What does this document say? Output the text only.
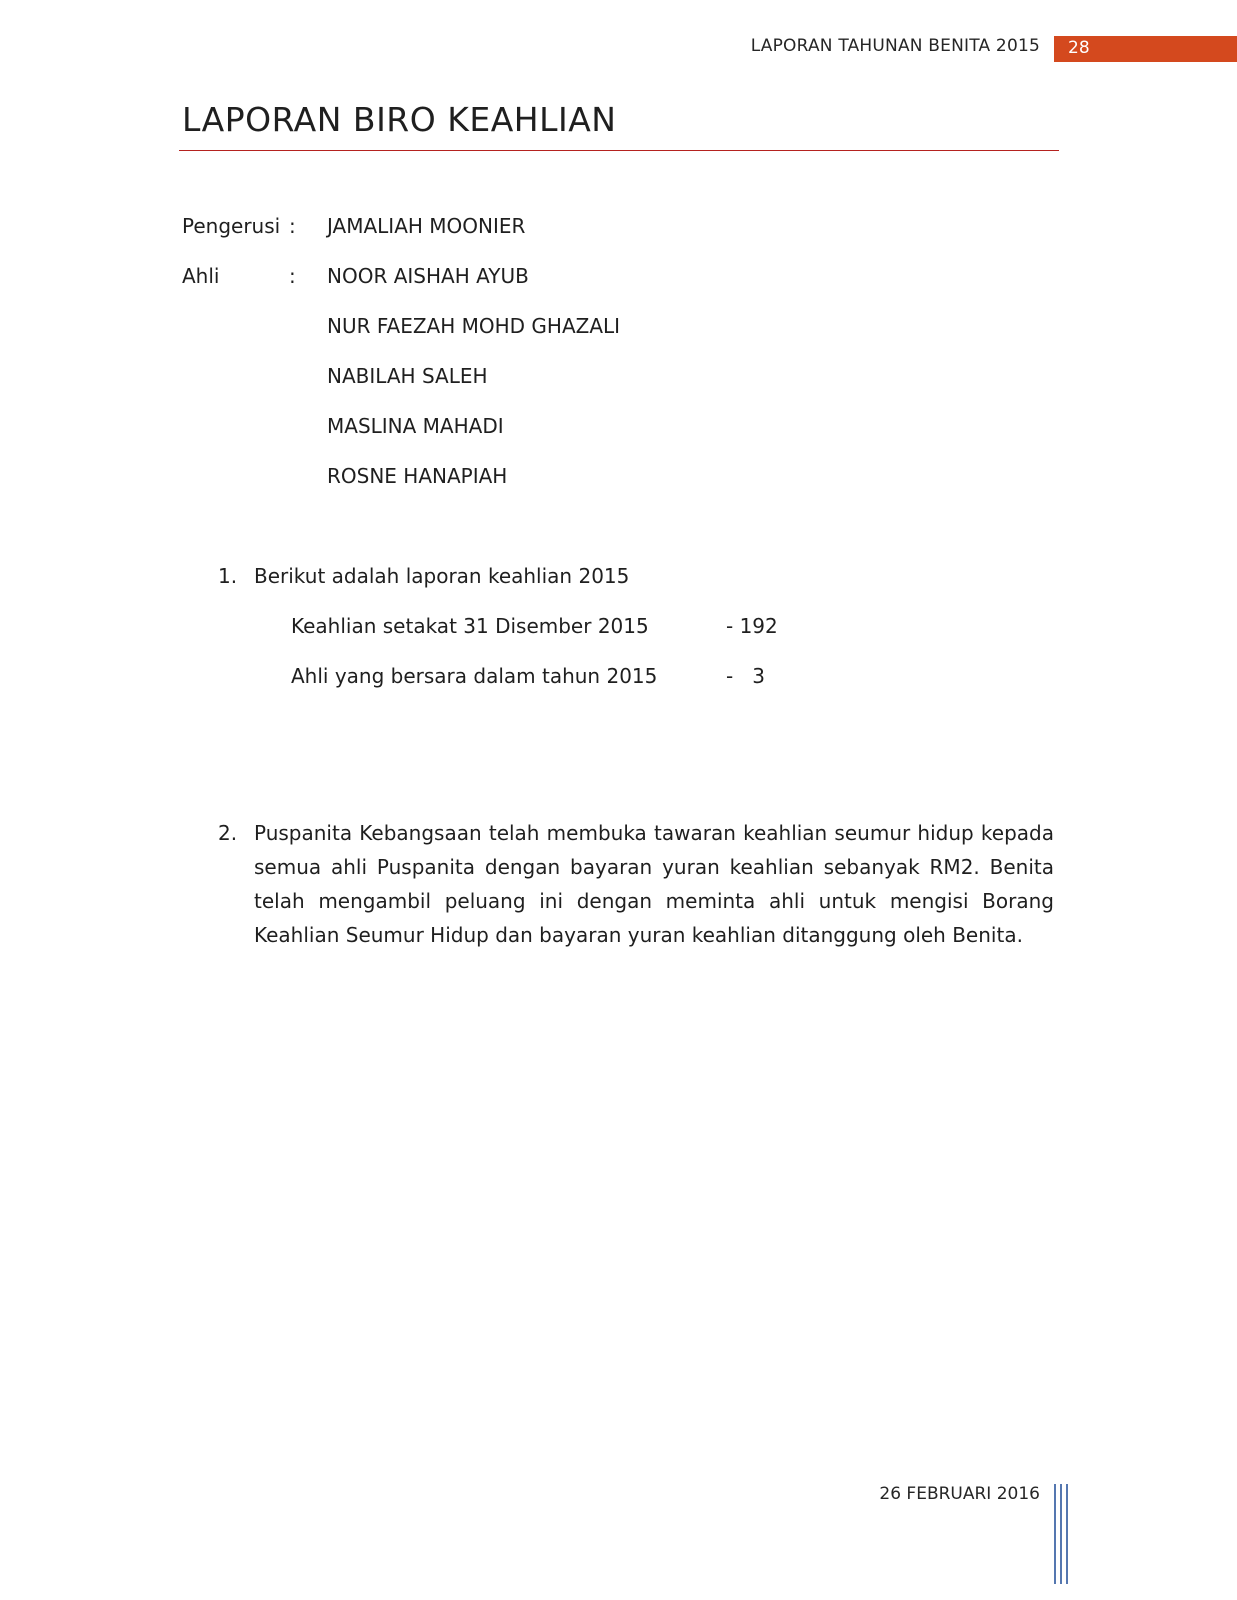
LAPORAN TAHUNAN BENITA 2015 28
LAPORAN BIRO KEAHLIAN
Pengerusi : JAMALIAH MOONIER
Ahli	: NOOR AISHAH AYUB
NUR FAEZAH MOHD GHAZALI
NABILAH SALEH
MASLINA MAHADI
ROSNE HANAPIAH
1. Berikut adalah laporan keahlian 2015
Keahlian setakat 31 Disember 2015	- 192
Ahli yang bersara dalam tahun 2015	-   3
2. Puspanita Kebangsaan telah membuka tawaran keahlian seumur hidup kepada semua ahli Puspanita dengan bayaran yuran keahlian sebanyak RM2. Benita telah mengambil peluang ini dengan meminta ahli untuk mengisi Borang Keahlian Seumur Hidup dan bayaran yuran keahlian ditanggung oleh Benita.
26 FEBRUARI 2016
